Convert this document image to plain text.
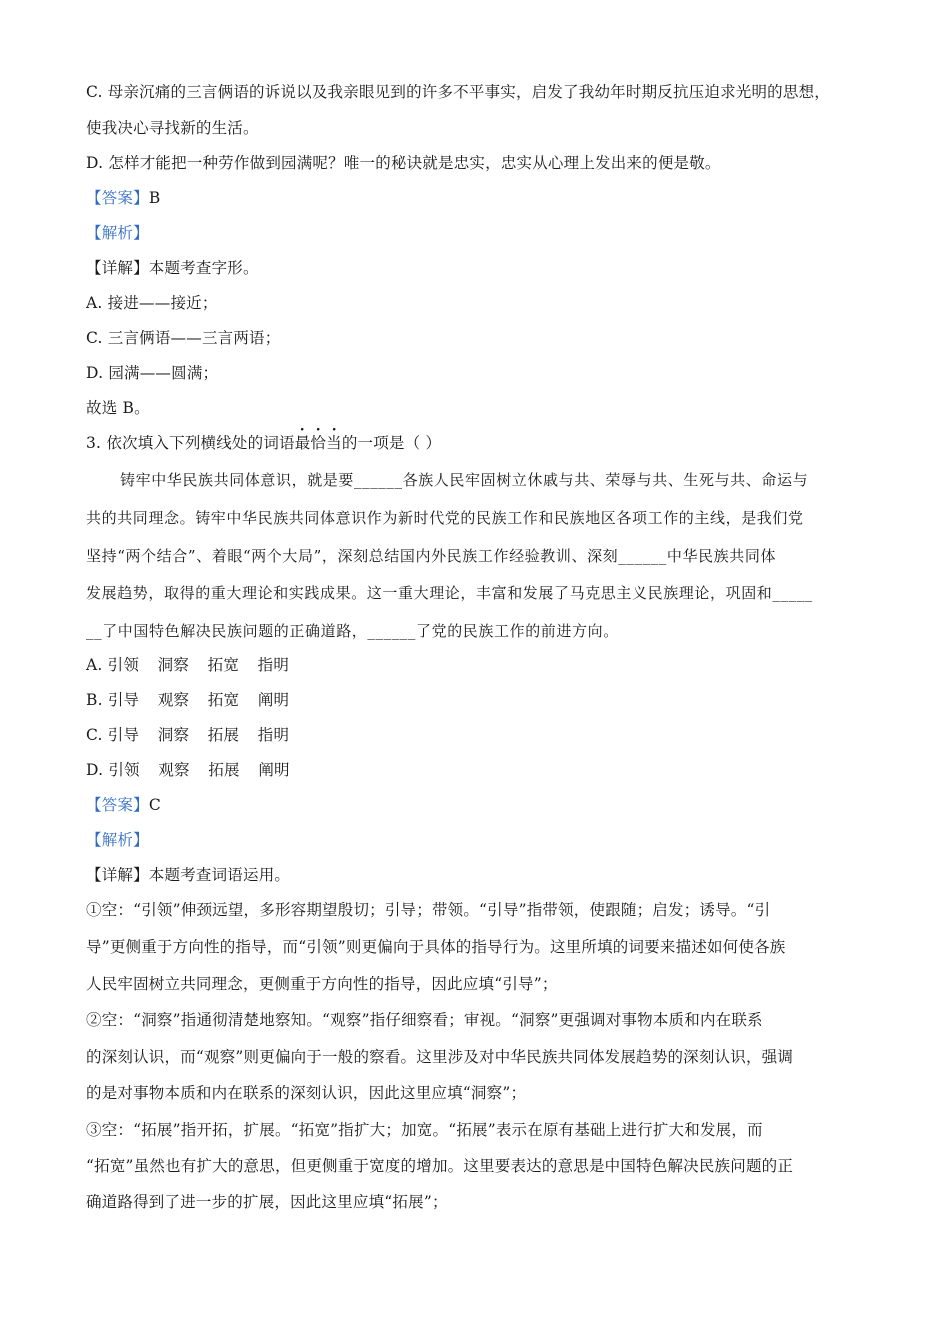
C. 母亲沉痛的三言俩语的诉说以及我亲眼见到的许多不平事实，启发了我幼年时期反抗压迫求光明的思想，
使我决心寻找新的生活。
D. 怎样才能把一种劳作做到园满呢？唯一的秘诀就是忠实，忠实从心理上发出来的便是敬。
【答案】B
【解析】
【详解】本题考查字形。
A. 接进——接近；
C. 三言俩语——三言两语；
D. 园满——圆满；
故选 B。
3. 依次填入下列横线处的词语
· · ·
最恰当的一项是（ ）
铸牢中华民族共同体意识，就是要______各族人民牢固树立休戚与共、荣辱与共、生死与共、命运与
共的共同理念。铸牢中华民族共同体意识作为新时代党的民族工作和民族地区各项工作的主线，是我们党
坚持“两个结合”、着眼“两个大局”，深刻总结国内外民族工作经验教训、深刻______中华民族共同体
发展趋势，取得的重大理论和实践成果。这一重大理论，丰富和发展了马克思主义民族理论，巩固和_____
__了中国特色解决民族问题的正确道路，______了党的民族工作的前进方向。
A. 引领 洞察 拓宽 指明
B. 引导 观察 拓宽 阐明
C. 引导 洞察 拓展 指明
D. 引领 观察 拓展 阐明
【答案】C
【解析】
【详解】本题考查词语运用。
①空：“引领”伸颈远望，多形容期望殷切；引导；带领。“引导”指带领，使跟随；启发；诱导。“引
导”更侧重于方向性的指导，而“引领”则更偏向于具体的指导行为。这里所填的词要来描述如何使各族
人民牢固树立共同理念，更侧重于方向性的指导，因此应填“引导”；
②空：“洞察”指通彻清楚地察知。“观察”指仔细察看；审视。“洞察”更强调对事物本质和内在联系
的深刻认识，而“观察”则更偏向于一般的察看。这里涉及对中华民族共同体发展趋势的深刻认识，强调
的是对事物本质和内在联系的深刻认识，因此这里应填“洞察”；
③空：“拓展”指开拓，扩展。“拓宽”指扩大；加宽。“拓展”表示在原有基础上进行扩大和发展，而
“拓宽”虽然也有扩大的意思，但更侧重于宽度的增加。这里要表达的意思是中国特色解决民族问题的正
确道路得到了进一步的扩展，因此这里应填“拓展”；
